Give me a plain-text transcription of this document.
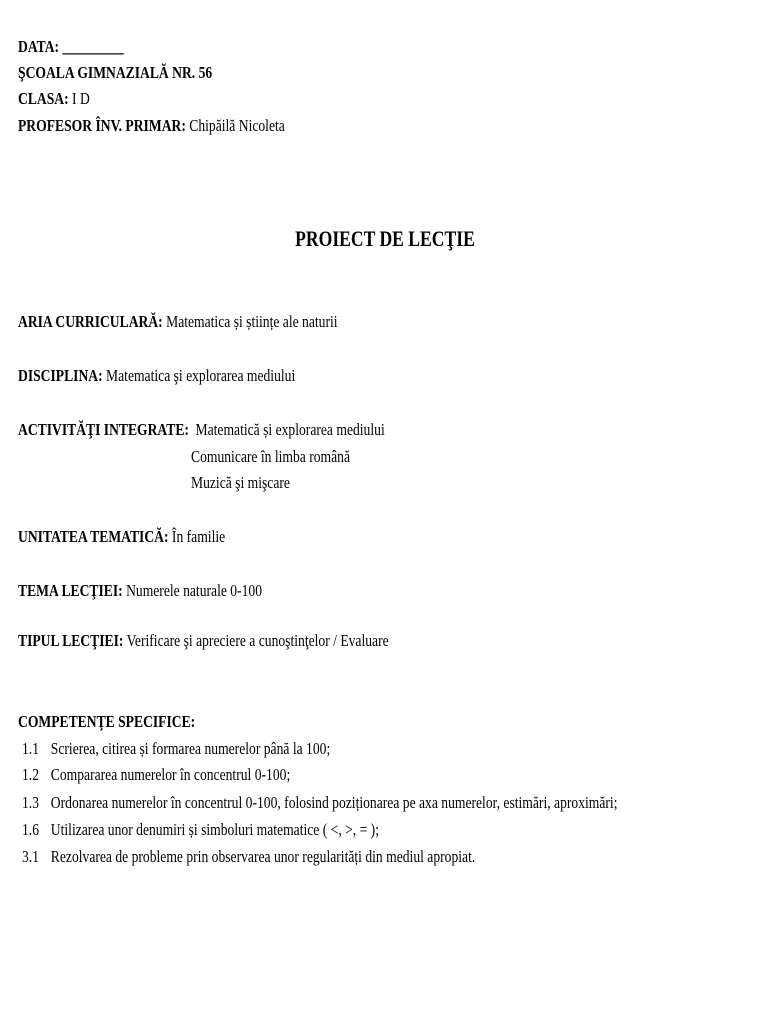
DATA: _________
ŞCOALA GIMNAZIALĂ NR. 56
CLASA: I D
PROFESOR ÎNV. PRIMAR: Chipăilă Nicoleta
PROIECT DE LECŢIE
ARIA CURRICULARĂ: Matematica și științe ale naturii
DISCIPLINA: Matematica şi explorarea mediului
ACTIVITĂŢI INTEGRATE: Matematică și explorarea mediului
Comunicare în limba română
Muzică şi mişcare
UNITATEA TEMATICĂ: În familie
TEMA LECŢIEI: Numerele naturale 0-100
TIPUL LECŢIEI: Verificare şi apreciere a cunoştinţelor / Evaluare
COMPETENŢE SPECIFICE:
1.1 Scrierea, citirea și formarea numerelor până la 100;
1.2 Compararea numerelor în concentrul 0-100;
1.3 Ordonarea numerelor în concentrul 0-100, folosind poziționarea pe axa numerelor, estimări, aproximări;
1.6 Utilizarea unor denumiri și simboluri matematice ( <, >, = );
3.1 Rezolvarea de probleme prin observarea unor regularități din mediul apropiat.
